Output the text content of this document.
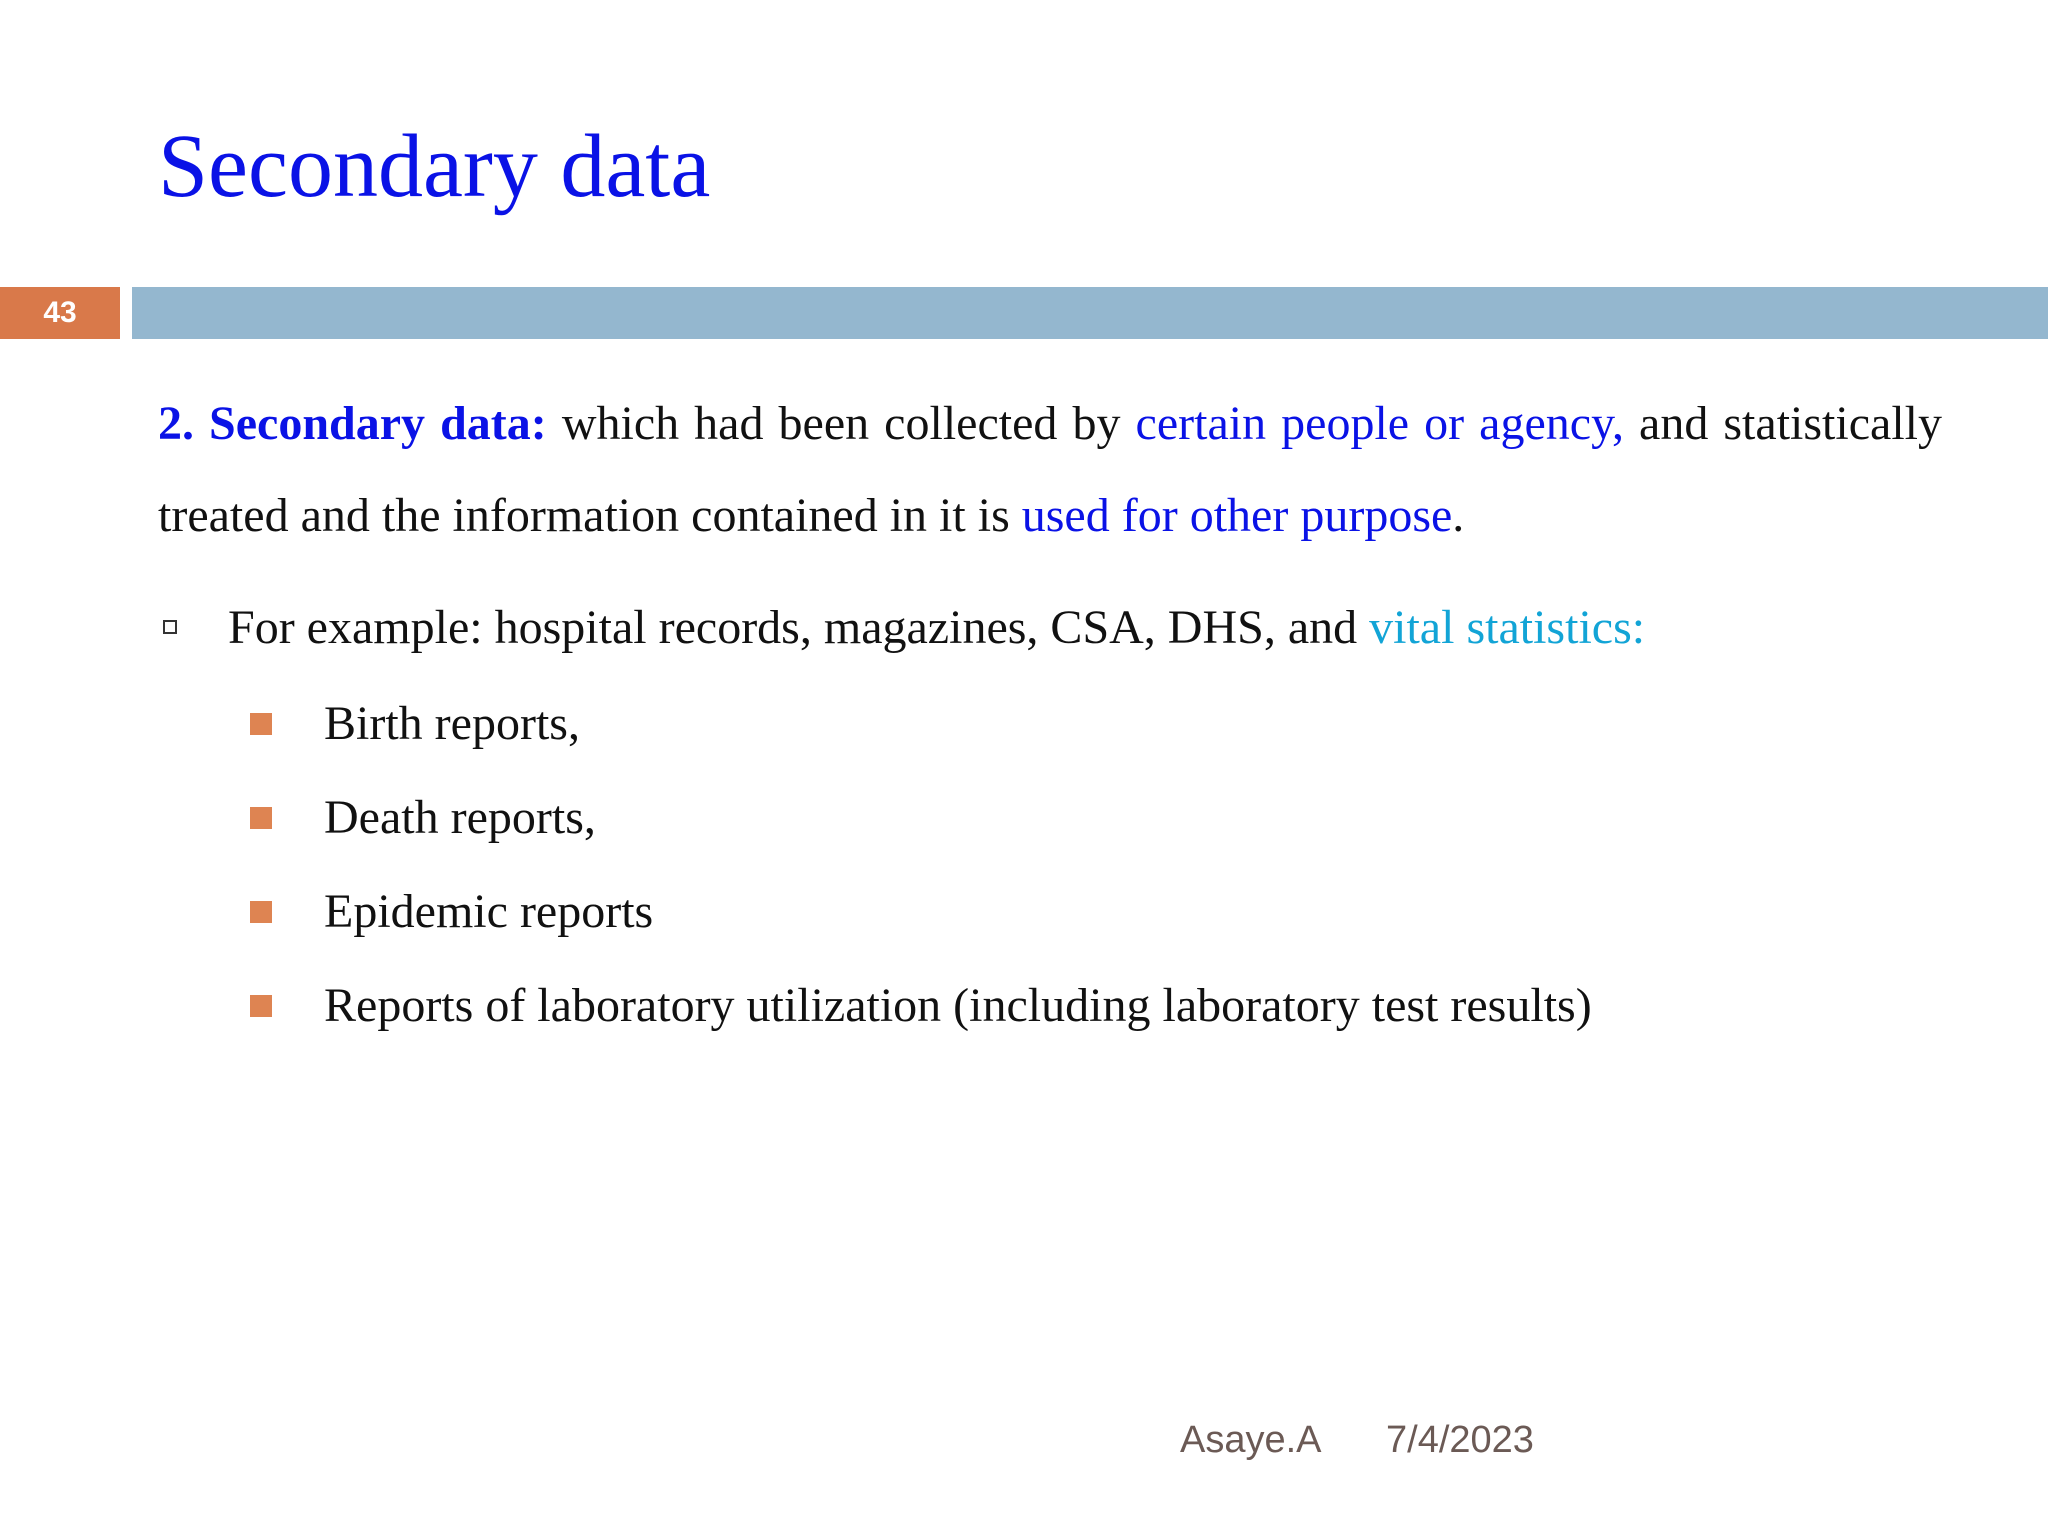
Secondary data
43

2. Secondary data: which had been collected by certain people or agency, and statistically treated and the information contained in it is used for other purpose.

For example: hospital records, magazines, CSA, DHS, and vital statistics:
Birth reports,
Death reports,
Epidemic reports
Reports of laboratory utilization (including laboratory test results)
Asaye.A 7/4/2023
